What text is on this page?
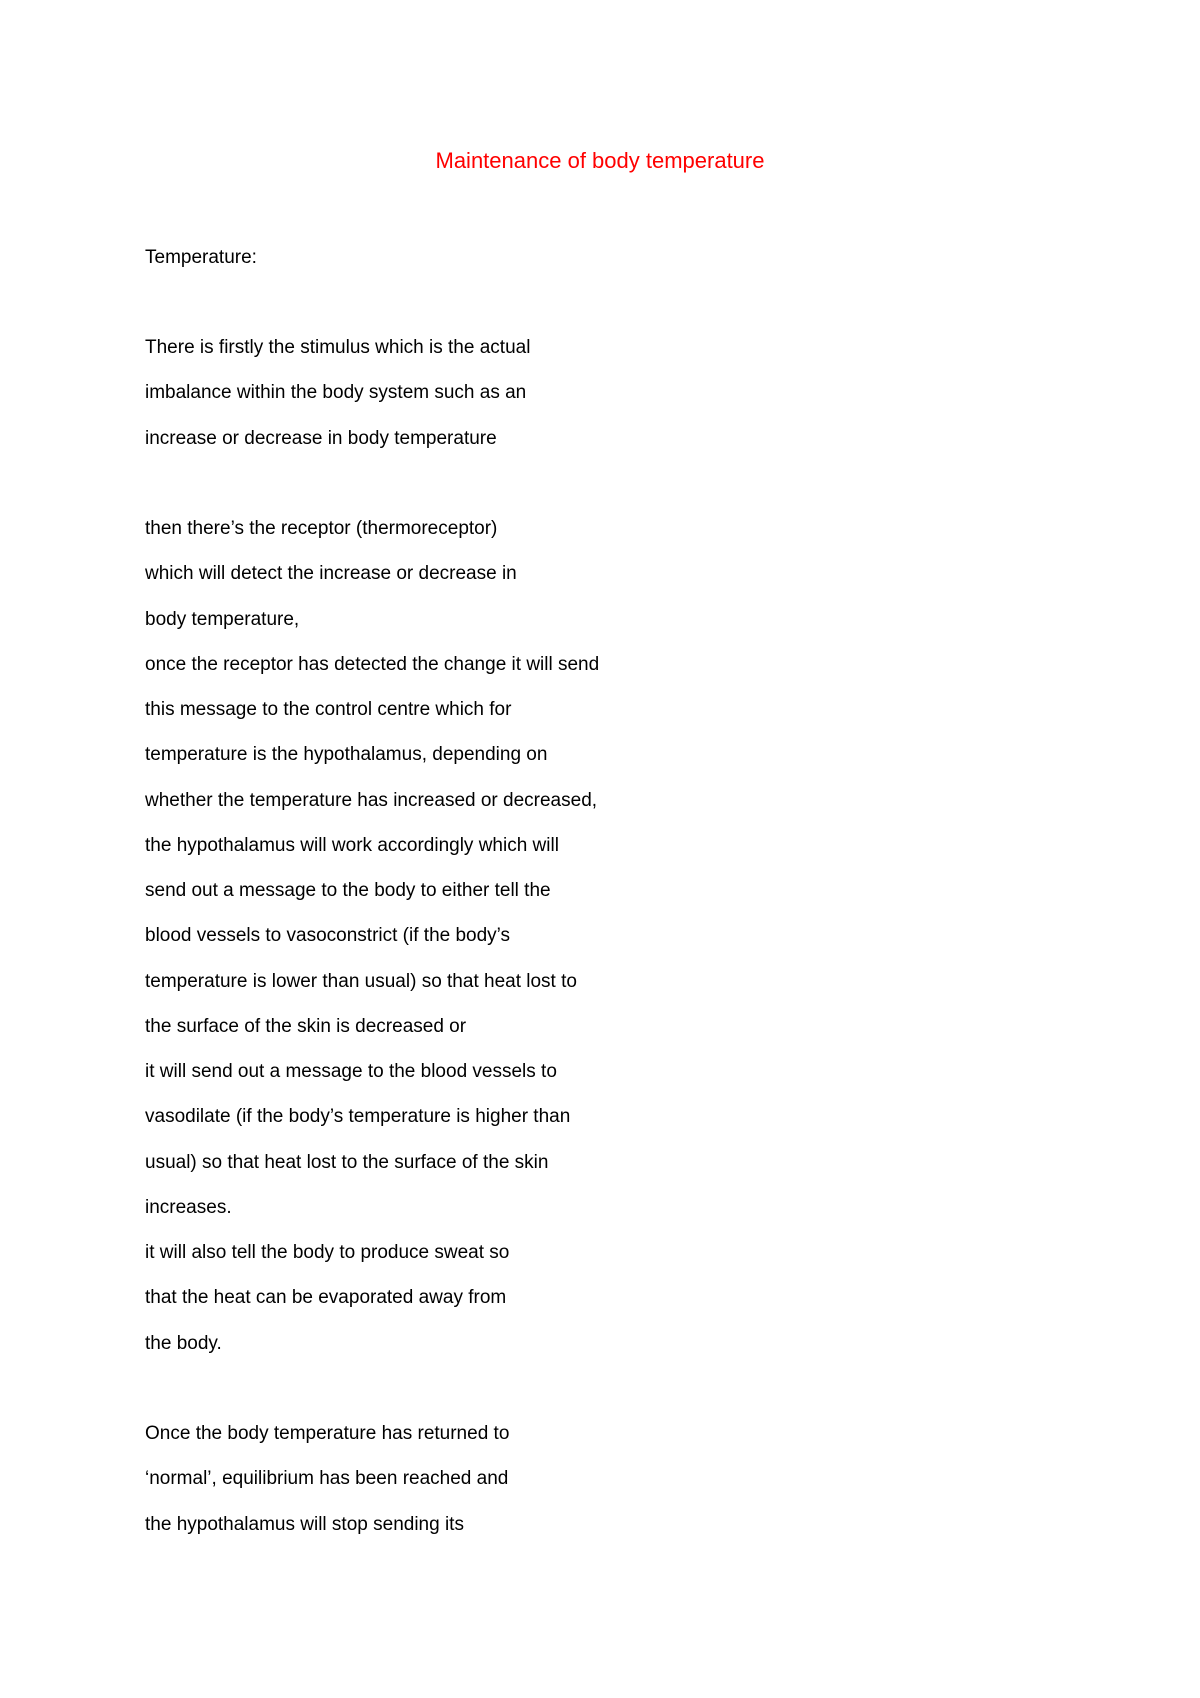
Maintenance of body temperature
Temperature:
There is firstly the stimulus which is the actual
imbalance within the body system such as an
increase or decrease in body temperature
then there’s the receptor (thermoreceptor)
which will detect the increase or decrease in
body temperature,
once the receptor has detected the change it will send
this message to the control centre which for
temperature is the hypothalamus, depending on
whether the temperature has increased or decreased,
the hypothalamus will work accordingly which will
send out a message to the body to either tell the
blood vessels to vasoconstrict (if the body’s
temperature is lower than usual) so that heat lost to
the surface of the skin is decreased or
it will send out a message to the blood vessels to
vasodilate (if the body’s temperature is higher than
usual) so that heat lost to the surface of the skin
increases.
it will also tell the body to produce sweat so
that the heat can be evaporated away from
the body.
Once the body temperature has returned to
‘normal’, equilibrium has been reached and
the hypothalamus will stop sending its
